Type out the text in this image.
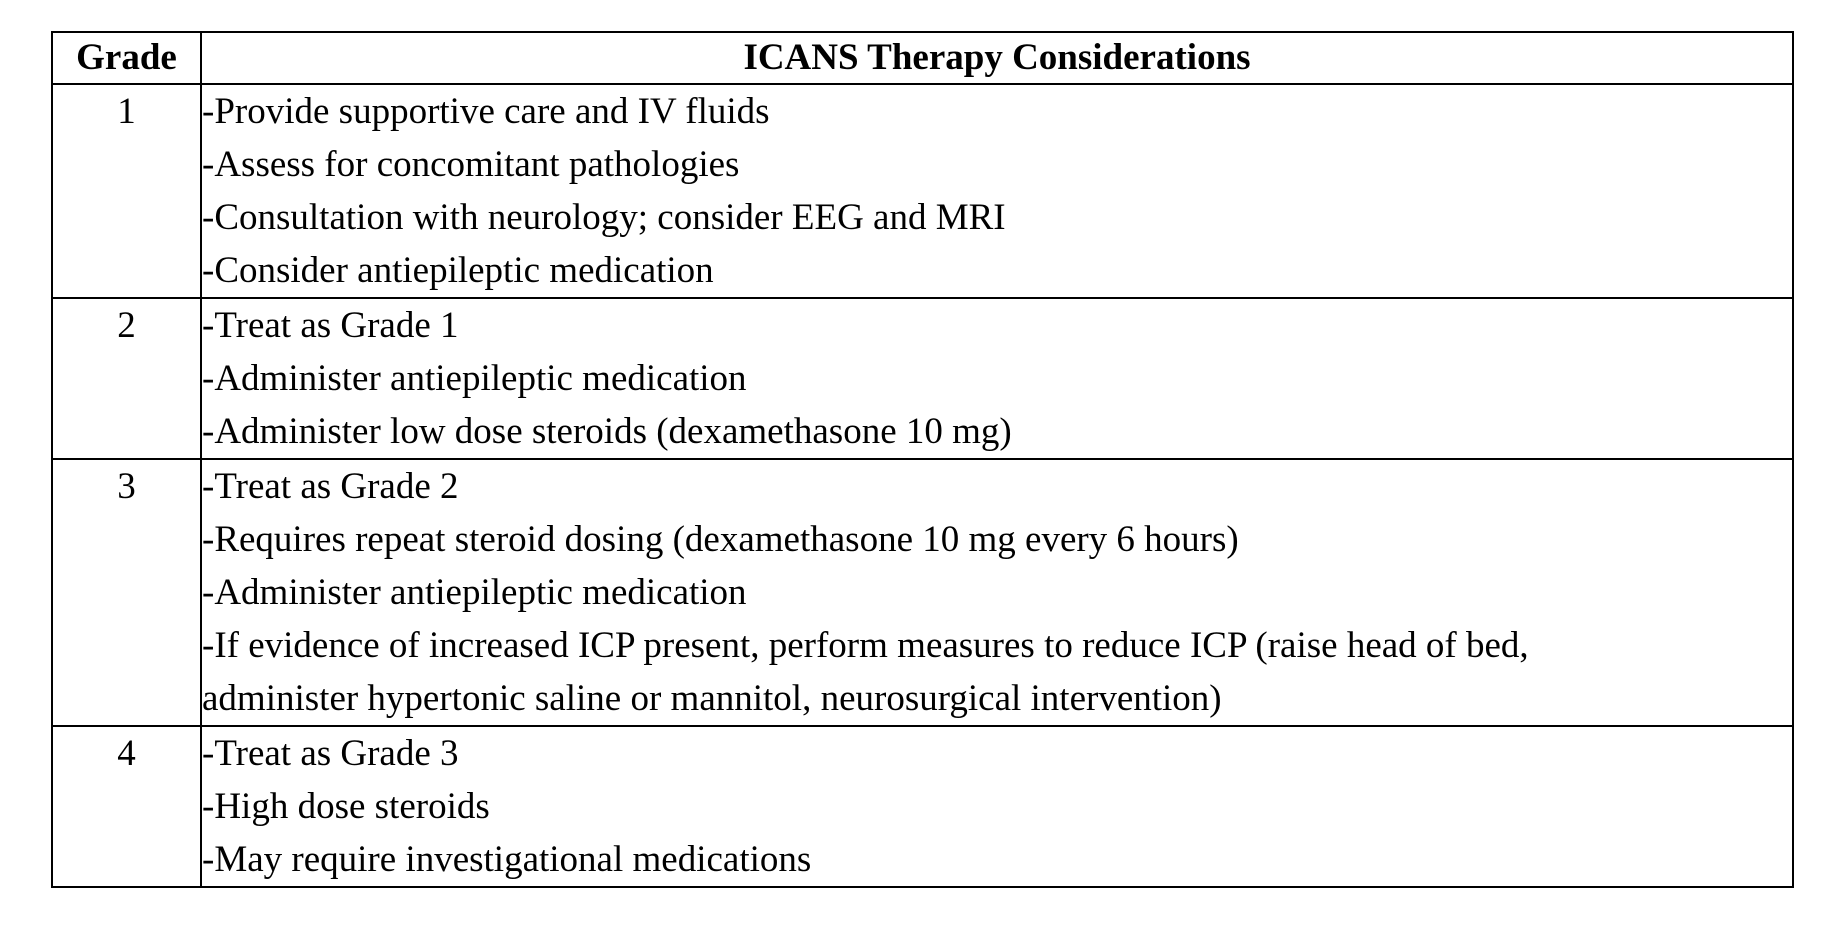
Grade	ICANS Therapy Considerations
1	-Provide supportive care and IV fluids
-Assess for concomitant pathologies
-Consultation with neurology; consider EEG and MRI
-Consider antiepileptic medication

2	-Treat as Grade 1
-Administer antiepileptic medication
-Administer low dose steroids (dexamethasone 10 mg)

3	-Treat as Grade 2
-Requires repeat steroid dosing (dexamethasone 10 mg every 6 hours)
-Administer antiepileptic medication
-If evidence of increased ICP present, perform measures to reduce ICP (raise head of bed,
administer hypertonic saline or mannitol, neurosurgical intervention)

4	-Treat as Grade 3
-High dose steroids
-May require investigational medications
